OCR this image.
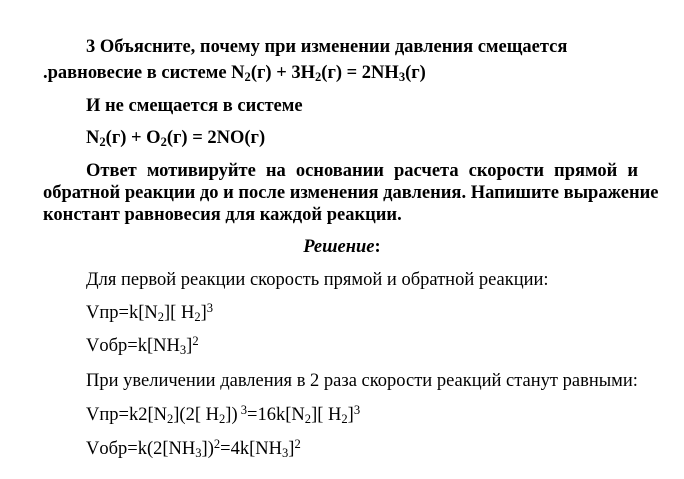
3 Объясните, почему при изменении давления смещается
.равновесие в системе $N_2(г) + 3H_2(г) = 2NH_3(г)$
И не смещается в системе
$N_2(г) + O_2(г) = 2NO(г)$
Ответ мотивируйте на основании расчета скорости прямой и
обратной реакции до и после изменения давления. Напишите выражение
констант равновесия для каждой реакции.
Решение:
Для первой реакции скорость прямой и обратной реакции:
$Vпр=k[N_2]$[ $H_2]^3$
$Vобр=k[NH_3]^2$
При увеличении давления в 2 раза скорости реакций станут равными:
$Vпр=k2[N_2](2$[ $H_2$]) $^3=16k[N_2]$[ $H_2]^3$
$Vобр=k(2[NH_3])^2=4k[NH_3]^2$
